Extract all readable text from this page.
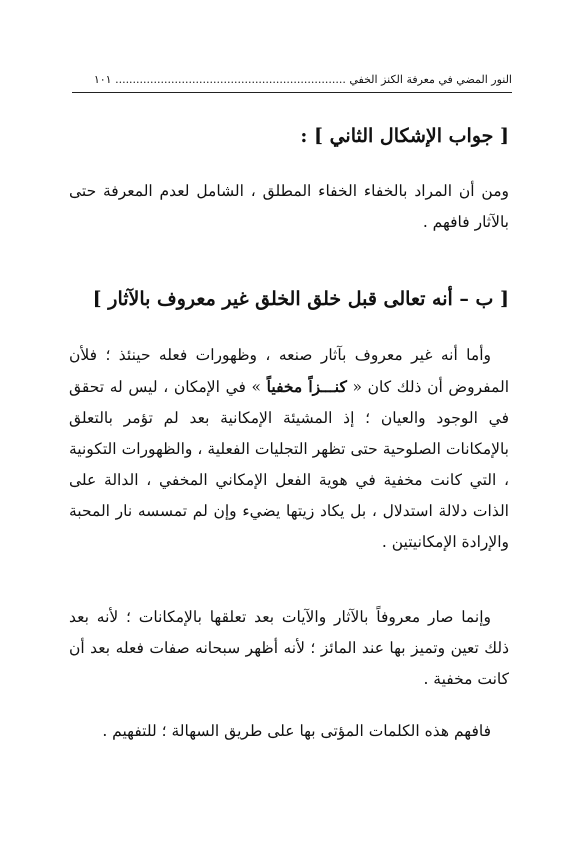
النور المضي في معرفة الكنز الخفي .................................................................. ١٠١
[ جواب الإشكال الثاني ] :
ومن أن المراد بالخفاء الخفاء المطلق ، الشامل لعدم المعرفة حتى بالآثار فافهم .
[ ب – أنه تعالى قبل خلق الخلق غير معروف بالآثار ]
وأما أنه غير معروف بآثار صنعه ، وظهورات فعله حينئذ ؛ فلأن المفروض أن ذلك كان « كنـــزاً مخفياً » في الإمكان ، ليس له تحقق في الوجود والعيان ؛ إذ المشيئة الإمكانية بعد لم تؤمر بالتعلق بالإمكانات الصلوحية حتى تظهر التجليات الفعلية ، والظهورات التكونية ، التي كانت مخفية في هوية الفعل الإمكاني المخفي ، الدالة على الذات دلالة استدلال ، بل يكاد زيتها يضيء وإن لم تمسسه نار المحبة والإرادة الإمكانيتين .
وإنما صار معروفاً بالآثار والآيات بعد تعلقها بالإمكانات ؛ لأنه بعد ذلك تعين وتميز بها عند المائز ؛ لأنه أظهر سبحانه صفات فعله بعد أن كانت مخفية .
فافهم هذه الكلمات المؤتى بها على طريق السهالة ؛ للتفهيم .
